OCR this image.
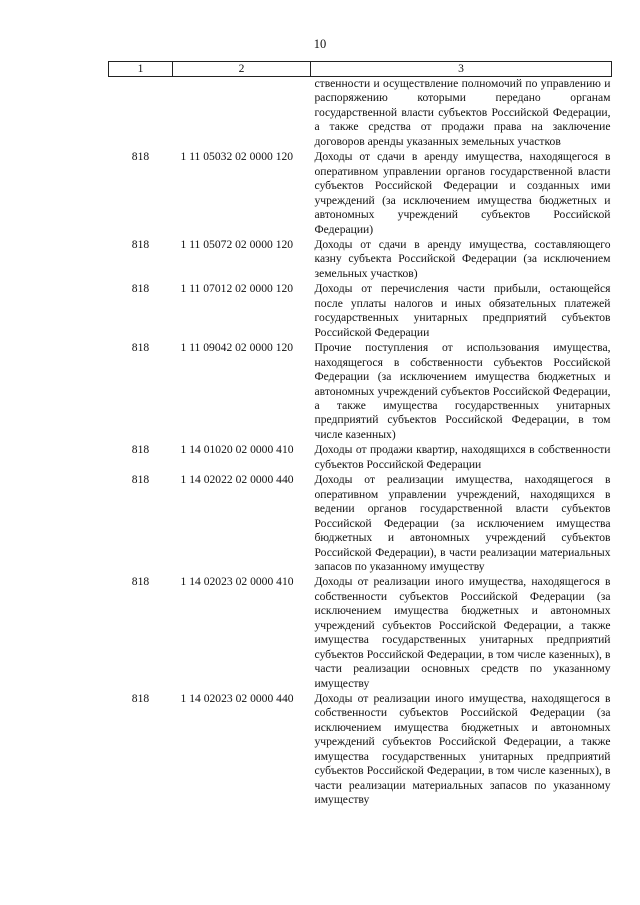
10
1	2	3
		ственности и осуществление полномочий по управлению и распоряжению которыми передано органам государственной власти субъектов Российской Федерации, а также средства от продажи права на заключение договоров аренды указанных земельных участков
818	1 11 05032 02 0000 120	Доходы от сдачи в аренду имущества, находящегося в оперативном управлении органов государственной власти субъектов Российской Федерации и созданных ими учреждений (за исключением имущества бюджетных и автономных учреждений субъектов Российской Федерации)
818	1 11 05072 02 0000 120	Доходы от сдачи в аренду имущества, составляющего казну субъекта Российской Федерации (за исключением земельных участков)
818	1 11 07012 02 0000 120	Доходы от перечисления части прибыли, остающейся после уплаты налогов и иных обязательных платежей государственных унитарных предприятий субъектов Российской Федерации
818	1 11 09042 02 0000 120	Прочие поступления от использования имущества, находящегося в собственности субъектов Российской Федерации (за исключением имущества бюджетных и автономных учреждений субъектов Российской Федерации, а также имущества государственных унитарных предприятий субъектов Российской Федерации, в том числе казенных)
818	1 14 01020 02 0000 410	Доходы от продажи квартир, находящихся в собственности субъектов Российской Федерации
818	1 14 02022 02 0000 440	Доходы от реализации имущества, находящегося в оперативном управлении учреждений, находящихся в ведении органов государственной власти субъектов Российской Федерации (за исключением имущества бюджетных и автономных учреждений субъектов Российской Федерации), в части реализации материальных запасов по указанному имуществу
818	1 14 02023 02 0000 410	Доходы от реализации иного имущества, находящегося в собственности субъектов Российской Федерации (за исключением имущества бюджетных и автономных учреждений субъектов Российской Федерации, а также имущества государственных унитарных предприятий субъектов Российской Федерации, в том числе казенных), в части реализации основных средств по указанному имуществу
818	1 14 02023 02 0000 440	Доходы от реализации иного имущества, находящегося в собственности субъектов Российской Федерации (за исключением имущества бюджетных и автономных учреждений субъектов Российской Федерации, а также имущества государственных унитарных предприятий субъектов Российской Федерации, в том числе казенных), в части реализации материальных запасов по указанному имуществу
